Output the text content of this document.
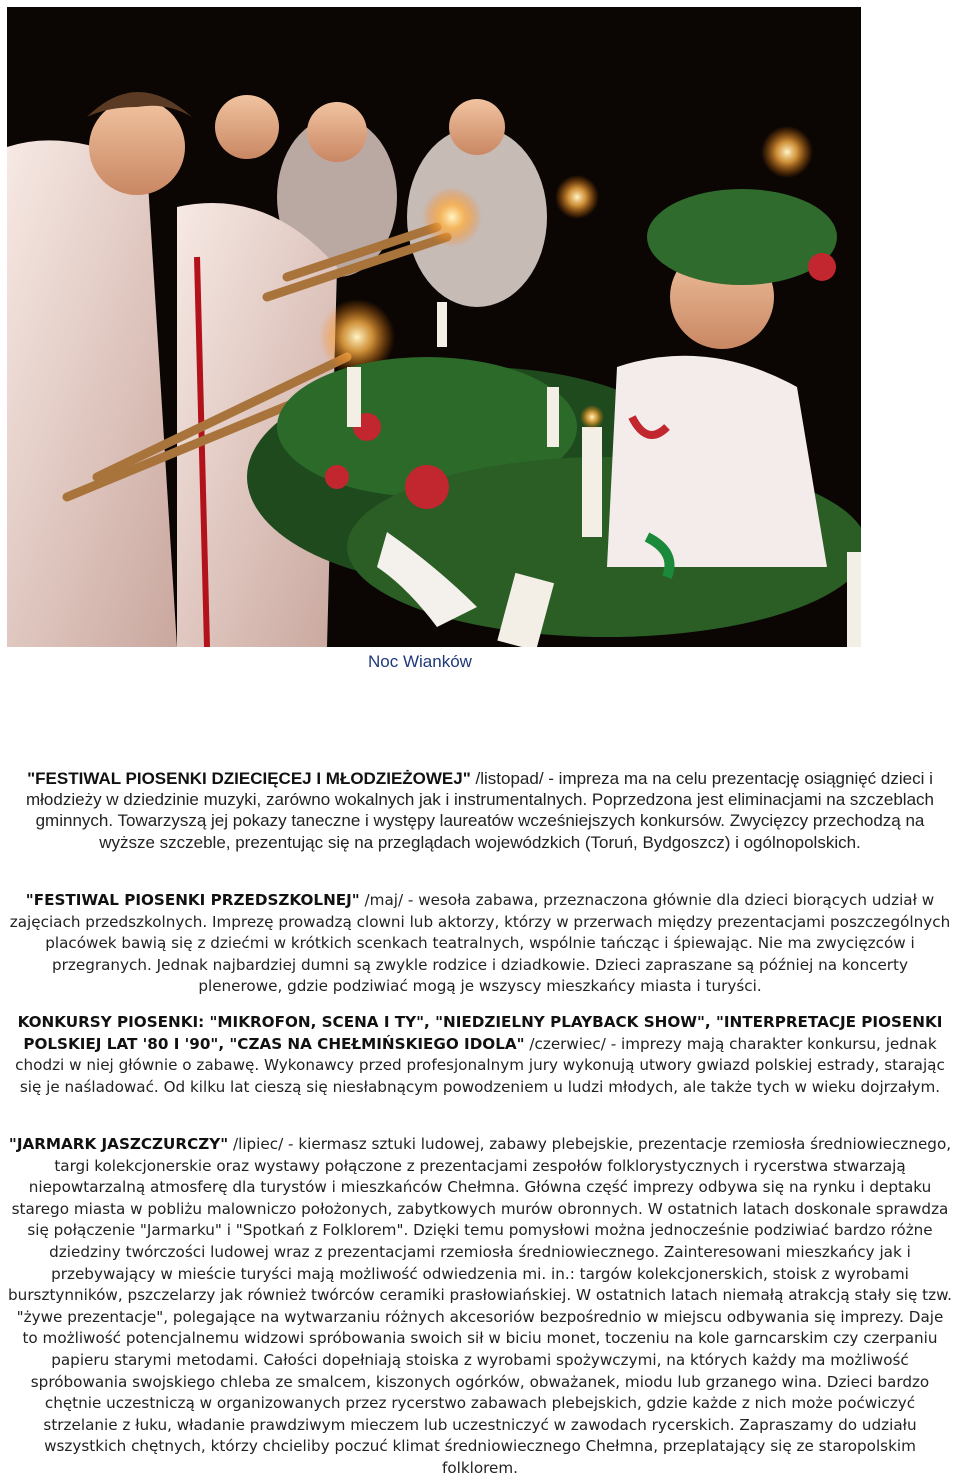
Noc Wianków
"FESTIWAL PIOSENKI DZIECIĘCEJ I MŁODZIEŻOWEJ" /listopad/ - impreza ma na celu prezentację osiągnięć dzieci i młodzieży w dziedzinie muzyki, zarówno wokalnych jak i instrumentalnych. Poprzedzona jest eliminacjami na szczeblach gminnych. Towarzyszą jej pokazy taneczne i występy laureatów wcześniejszych konkursów. Zwycięzcy przechodzą na wyższe szczeble, prezentując się na przeglądach wojewódzkich (Toruń, Bydgoszcz) i ogólnopolskich.
"FESTIWAL PIOSENKI PRZEDSZKOLNEJ" /maj/ - wesoła zabawa, przeznaczona głównie dla dzieci biorących udział w zajęciach przedszkolnych. Imprezę prowadzą clowni lub aktorzy, którzy w przerwach między prezentacjami poszczególnych placówek bawią się z dziećmi w krótkich scenkach teatralnych, wspólnie tańcząc i śpiewając. Nie ma zwycięzców i przegranych. Jednak najbardziej dumni są zwykle rodzice i dziadkowie. Dzieci zapraszane są później na koncerty plenerowe, gdzie podziwiać mogą je wszyscy mieszkańcy miasta i turyści.
KONKURSY PIOSENKI: "MIKROFON, SCENA I TY", "NIEDZIELNY PLAYBACK SHOW", "INTERPRETACJE PIOSENKI POLSKIEJ LAT '80 I '90", "CZAS NA CHEŁMIŃSKIEGO IDOLA" /czerwiec/ - imprezy mają charakter konkursu, jednak chodzi w niej głównie o zabawę. Wykonawcy przed profesjonalnym jury wykonują utwory gwiazd polskiej estrady, starając się je naśladować. Od kilku lat cieszą się niesłabnącym powodzeniem u ludzi młodych, ale także tych w wieku dojrzałym.
"JARMARK JASZCZURCZY" /lipiec/ - kiermasz sztuki ludowej, zabawy plebejskie, prezentacje rzemiosła średniowiecznego, targi kolekcjonerskie oraz wystawy połączone z prezentacjami zespołów folklorystycznych i rycerstwa stwarzają niepowtarzalną atmosferę dla turystów i mieszkańców Chełmna. Główna część imprezy odbywa się na rynku i deptaku starego miasta w pobliżu malowniczo położonych, zabytkowych murów obronnych. W ostatnich latach doskonale sprawdza się połączenie "Jarmarku" i "Spotkań z Folklorem". Dzięki temu pomysłowi można jednocześnie podziwiać bardzo różne dziedziny twórczości ludowej wraz z prezentacjami rzemiosła średniowiecznego. Zainteresowani mieszkańcy jak i przebywający w mieście turyści mają możliwość odwiedzenia mi. in.: targów kolekcjonerskich, stoisk z wyrobami bursztynników, pszczelarzy jak również twórców ceramiki prasłowiańskiej. W ostatnich latach niemałą atrakcją stały się tzw. "żywe prezentacje", polegające na wytwarzaniu różnych akcesoriów bezpośrednio w miejscu odbywania się imprezy. Daje to możliwość potencjalnemu widzowi spróbowania swoich sił w biciu monet, toczeniu na kole garncarskim czy czerpaniu papieru starymi metodami. Całości dopełniają stoiska z wyrobami spożywczymi, na których każdy ma możliwość spróbowania swojskiego chleba ze smalcem, kiszonych ogórków, obważanek, miodu lub grzanego wina. Dzieci bardzo chętnie uczestniczą w organizowanych przez rycerstwo zabawach plebejskich, gdzie każde z nich może poćwiczyć strzelanie z łuku, władanie prawdziwym mieczem lub uczestniczyć w zawodach rycerskich. Zapraszamy do udziału wszystkich chętnych, którzy chcieliby poczuć klimat średniowiecznego Chełmna, przeplatający się ze staropolskim folklorem.
